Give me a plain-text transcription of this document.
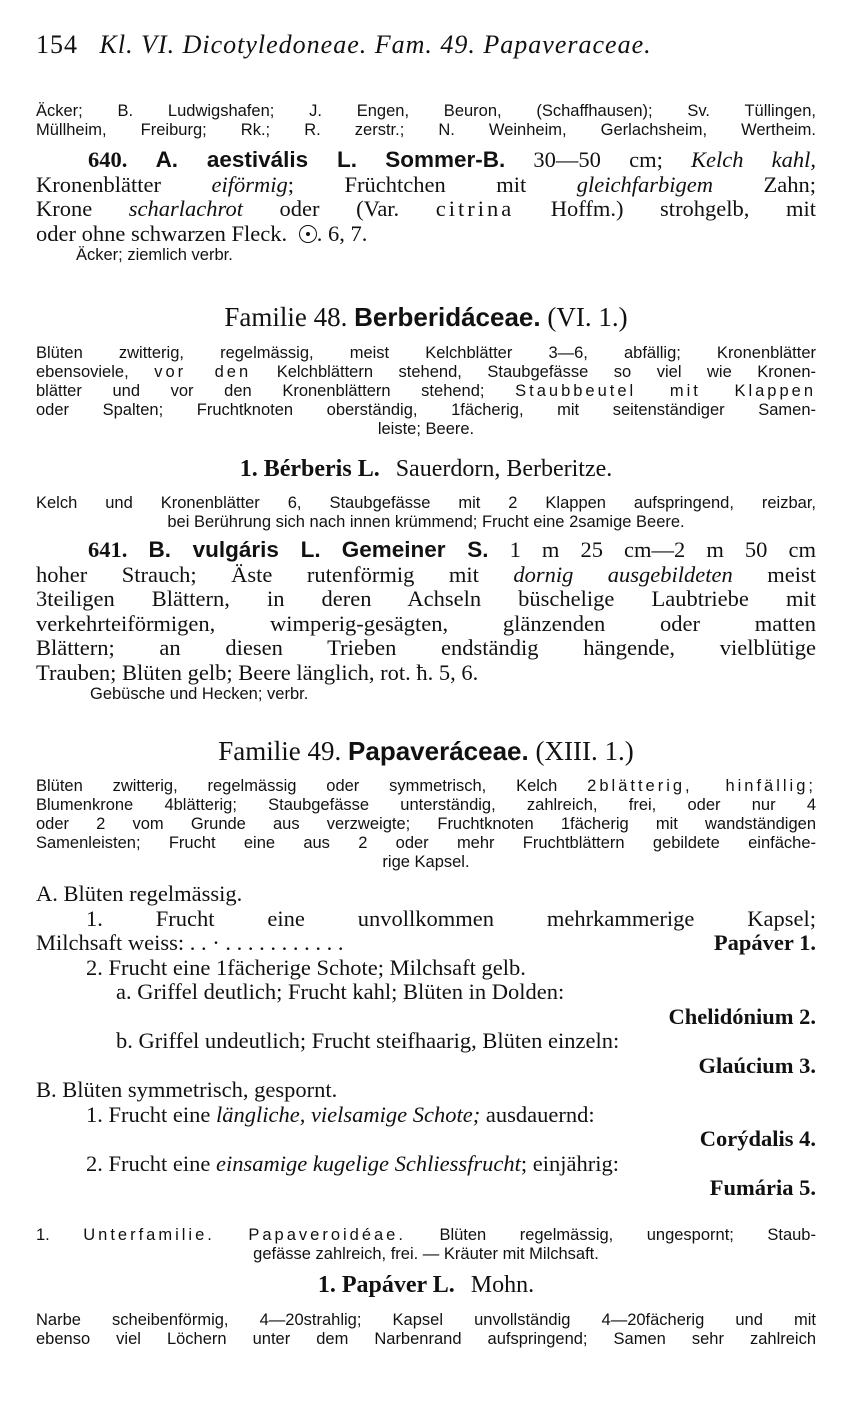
154 Kl. VI. Dicotyledoneae. Fam. 49. Papaveraceae.
Äcker; B. Ludwigshafen; J. Engen, Beuron, (Schaffhausen); Sv. Tüllingen,
Müllheim, Freiburg; Rk.; R. zerstr.; N. Weinheim, Gerlachsheim, Wertheim.
640. A. aestivális L. Sommer-B. 30—50 cm; Kelch kahl,
Kronenblätter eiförmig; Früchtchen mit gleichfarbigem Zahn;
Krone scharlachrot oder (Var. citrina Hoffm.) strohgelb, mit
oder ohne schwarzen Fleck. . 6, 7.
Äcker; ziemlich verbr.
Familie 48. Berberidáceae. (VI. 1.)
Blüten zwitterig, regelmässig, meist Kelchblätter 3—6, abfällig; Kronenblätter
ebensoviele, vor den Kelchblättern stehend, Staubgefässe so viel wie Kronen-
blätter und vor den Kronenblättern stehend; Staubbeutel mit Klappen
oder Spalten; Fruchtknoten oberständig, 1fächerig, mit seitenständiger Samen-
leiste; Beere.
1. Bérberis L. Sauerdorn, Berberitze.
Kelch und Kronenblätter 6, Staubgefässe mit 2 Klappen aufspringend, reizbar,
bei Berührung sich nach innen krümmend; Frucht eine 2samige Beere.
641. B. vulgáris L. Gemeiner S. 1 m 25 cm—2 m 50 cm
hoher Strauch; Äste rutenförmig mit dornig ausgebildeten meist
3teiligen Blättern, in deren Achseln büschelige Laubtriebe mit
verkehrteiförmigen, wimperig-gesägten, glänzenden oder matten
Blättern; an diesen Trieben endständig hängende, vielblütige
Trauben; Blüten gelb; Beere länglich, rot. ħ. 5, 6.
Gebüsche und Hecken; verbr.
Familie 49. Papaveráceae. (XIII. 1.)
Blüten zwitterig, regelmässig oder symmetrisch, Kelch 2blätterig, hinfällig;
Blumenkrone 4blätterig; Staubgefässe unterständig, zahlreich, frei, oder nur 4
oder 2 vom Grunde aus verzweigte; Fruchtknoten 1fächerig mit wandständigen
Samenleisten; Frucht eine aus 2 oder mehr Fruchtblättern gebildete einfäche-
rige Kapsel.
A. Blüten regelmässig.
1. Frucht eine unvollkommen mehrkammerige Kapsel;
Milchsaft weiss: . . · . . . . . . . . . . .	Papáver 1.
2. Frucht eine 1fächerige Schote; Milchsaft gelb.
a. Griffel deutlich; Frucht kahl; Blüten in Dolden:
Chelidónium 2.
b. Griffel undeutlich; Frucht steifhaarig, Blüten einzeln:
Glaúcium 3.
B. Blüten symmetrisch, gespornt.
1. Frucht eine längliche, vielsamige Schote; ausdauernd:
Corýdalis 4.
2. Frucht eine einsamige kugelige Schliessfrucht; einjährig:
Fumária 5.
1. Unterfamilie. Papaveroidéae. Blüten regelmässig, ungespornt; Staub-
gefässe zahlreich, frei. — Kräuter mit Milchsaft.
1. Papáver L. Mohn.
Narbe scheibenförmig, 4—20strahlig; Kapsel unvollständig 4—20fächerig und mit
ebenso viel Löchern unter dem Narbenrand aufspringend; Samen sehr zahlreich
